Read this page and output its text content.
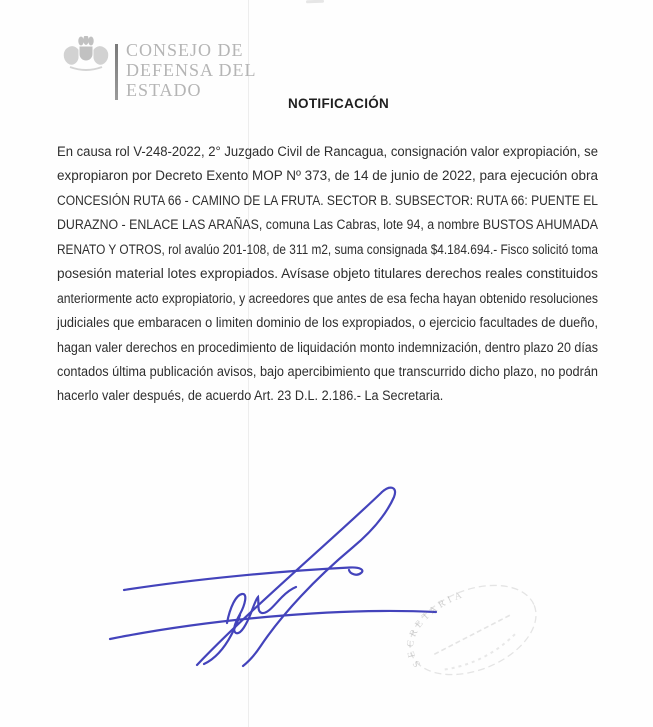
CONSEJO DE
DEFENSA DEL
ESTADO
NOTIFICACIÓN
En causa rol V-248-2022, 2° Juzgado Civil de Rancagua, consignación valor expropiación, se
expropiaron por Decreto Exento MOP Nº 373, de 14 de junio de 2022, para ejecución obra
CONCESIÓN RUTA 66 - CAMINO DE LA FRUTA. SECTOR B. SUBSECTOR: RUTA 66: PUENTE EL
DURAZNO - ENLACE LAS ARAÑAS, comuna Las Cabras, lote 94, a nombre BUSTOS AHUMADA
RENATO Y OTROS, rol avalúo 201-108, de 311 m2, suma consignada $4.184.694.- Fisco solicitó toma
posesión material lotes expropiados. Avísase objeto titulares derechos reales constituidos
anteriormente acto expropiatorio, y acreedores que antes de esa fecha hayan obtenido resoluciones
judiciales que embaracen o limiten dominio de los expropiados, o ejercicio facultades de dueño,
hagan valer derechos en procedimiento de liquidación monto indemnización, dentro plazo 20 días
contados última publicación avisos, bajo apercibimiento que transcurrido dicho plazo, no podrán
hacerlo valer después, de acuerdo Art. 23 D.L. 2.186.- La Secretaria.
SECRETARIA
